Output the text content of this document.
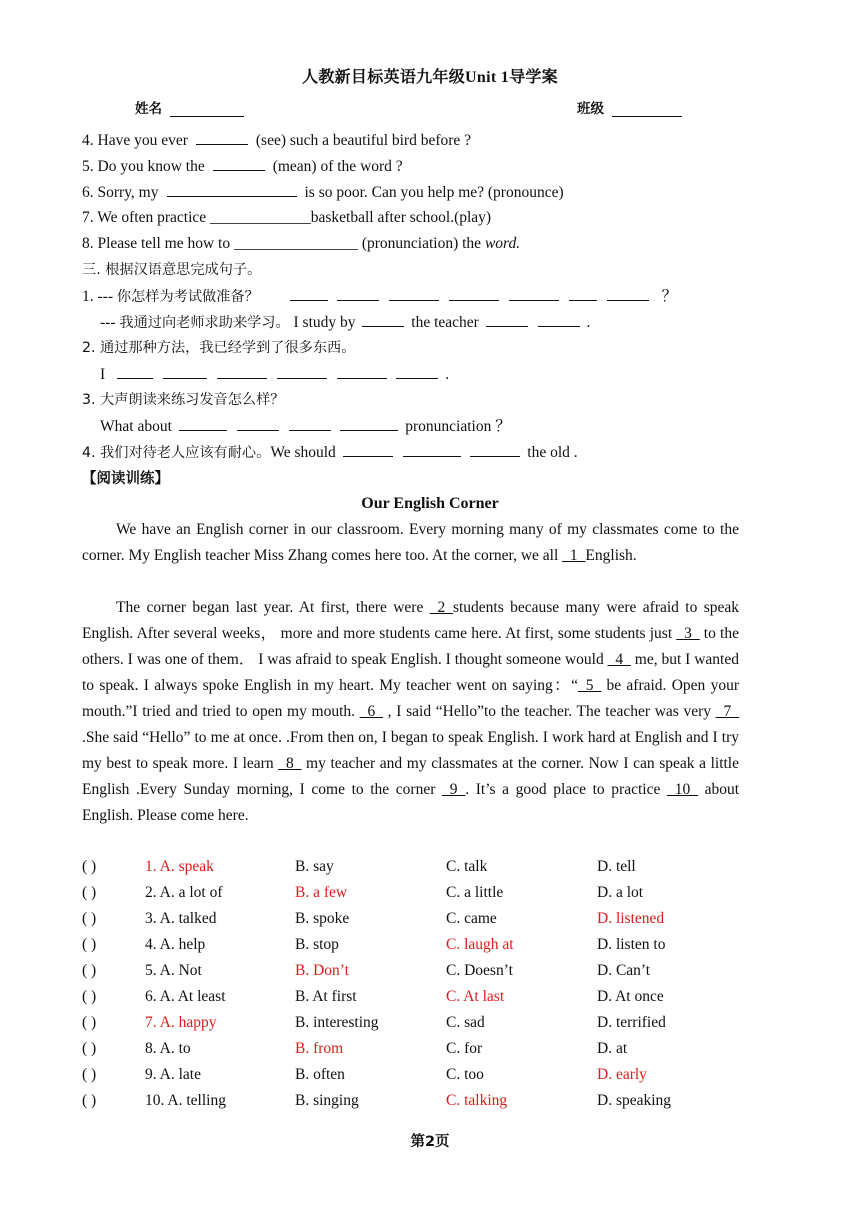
人教新目标英语九年级Unit 1导学案
姓名	班级
4. Have you ever	(see) such a beautiful bird before ?
5. Do you know the	(mean) of the word ?
6. Sorry, my	is so poor. Can you help me? (pronounce)
7. We often practice _____________basketball after school.(play)
8. Please tell me how to ________________ (pronunciation) the word.
三. 根据汉语意思完成句子。
1. --- 你怎样为考试做准备？	？
--- 我通过向老师求助来学习。 I study by	the teacher	.
2. 通过那种方法，我已经学到了很多东西。
I	.
3. 大声朗读来练习发音怎么样？
What about	pronunciation ？
4. 我们对待老人应该有耐心。We should	the old .
【阅读训练】
Our English Corner

We have an English corner in our classroom. Every morning many of my classmates come to the corner. My English teacher Miss Zhang comes here too. At the corner, we all _1_English.

The corner began last year. At first, there were _2_students because many were afraid to speak English. After several weeks， more and more students came here. At first, some students just _3_ to the others. I was one of them． I was afraid to speak English. I thought someone would _4_ me, but I wanted to speak. I always spoke English in my heart. My teacher went on saying：“_5_ be afraid. Open your mouth.”I tried and tried to open my mouth. _6_ , I said “Hello”to the teacher. The teacher was very _7_ .She said “Hello” to me at once. .From then on, I began to speak English. I work hard at English and I try my best to speak more. I learn _8_ my teacher and my classmates at the corner. Now I can speak a little English .Every Sunday morning, I come to the corner _9_. It’s a good place to practice _10_ about English. Please come here.

( )	1. A. speak	B. say	C. talk	D. tell
( )	2. A. a lot of	B. a few	C. a little	D. a lot
( )	3. A. talked	B. spoke	C. came	D. listened
( )	4. A. help	B. stop	C. laugh at	D. listen to
( )	5. A. Not	B. Don’t	C. Doesn’t	D. Can’t
( )	6. A. At least	B. At first	C. At last	D. At once
( )	7. A. happy	B. interesting	C. sad	D. terrified
( )	8. A. to	B. from	C. for	D. at
( )	9. A. late	B. often	C. too	D. early
( )	10. A. telling	B. singing	C. talking	D. speaking
第2页
